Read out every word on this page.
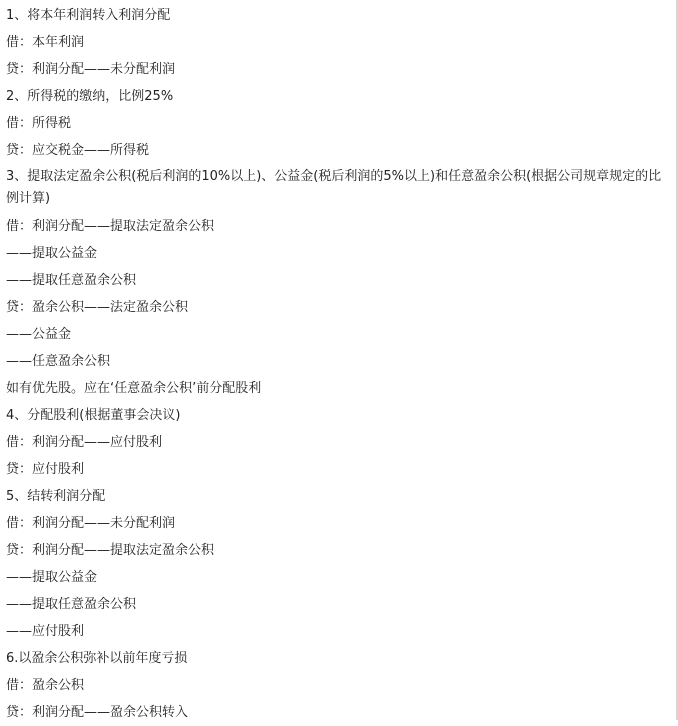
1、将本年利润转入利润分配

借：本年利润

贷：利润分配——未分配利润

2、所得税的缴纳，比例25%

借：所得税

贷：应交税金——所得税

3、提取法定盈余公积(税后利润的10%以上)、公益金(税后利润的5%以上)和任意盈余公积(根据公司规章规定的比例计算)

借：利润分配——提取法定盈余公积

——提取公益金

——提取任意盈余公积

贷：盈余公积——法定盈余公积

——公益金

——任意盈余公积

如有优先股。应在‘任意盈余公积’前分配股利

4、分配股利(根据董事会决议)

借：利润分配——应付股利

贷：应付股利

5、结转利润分配

借：利润分配——未分配利润

贷：利润分配——提取法定盈余公积

——提取公益金

——提取任意盈余公积

——应付股利

6.以盈余公积弥补以前年度亏损

借：盈余公积

贷：利润分配——盈余公积转入
